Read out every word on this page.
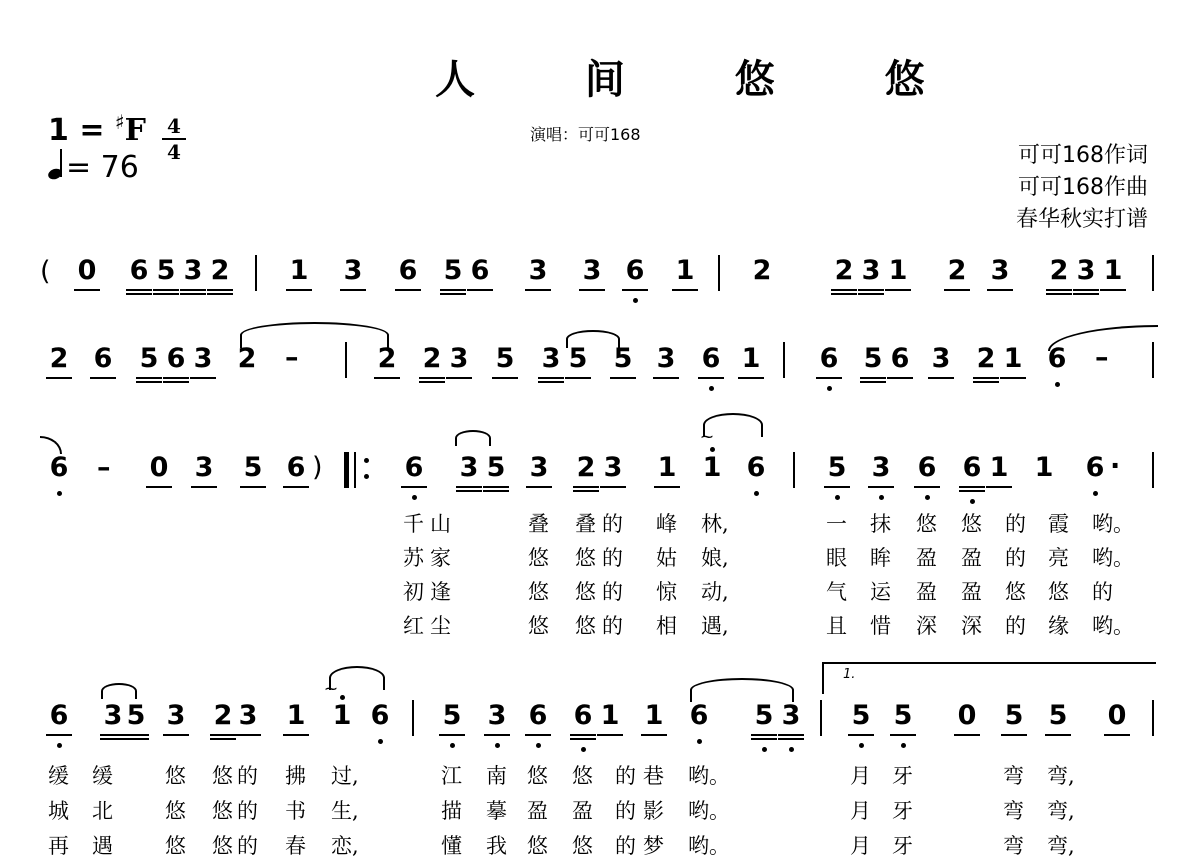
人 间 悠 悠
1 = ♯F 4
4
= 76
演唱：可可168
可可168作词
可可168作曲
春华秋实打谱
0 6 5 3 2 1 3 6 5 6 3 3 6 1 2 2 3 1 2 3 2 3 1
2 6 5 6 3 2	2 2 3 5 3 5 5 3 6 1 6 5 6 3 2 1 6
6	0 3 5 6	6 3 5 3 2 3 1 1 6 5 3 6 6 1 1 6
6 3 5 3 2 3 1 1 6 5 3 6 6 1 1 6 5 3 5 5 0 5 5 0
千 山	叠 叠 的 峰 林,	一 抹 悠 悠 的 霞 哟。
苏 家	悠 悠 的 姑 娘,	眼 眸 盈 盈 的 亮 哟。
初 逢	悠 悠 的 惊 动,	气 运 盈 盈 悠 悠 的
红 尘	悠 悠 的 相 遇,	且 惜 深 深 的 缘 哟。
缓 缓 悠 悠 的 拂 过,	江 南 悠 悠 的 巷 哟。	月 牙	弯 弯,
城 北 悠 悠 的 书 生,	描 摹 盈 盈 的 影 哟。	月 牙	弯 弯,
再 遇 悠 悠 的 春 恋,	懂 我 悠 悠 的 梦 哟。	月 牙	弯 弯,
(
)
1.
⁓
⁓
–	–
–	·
